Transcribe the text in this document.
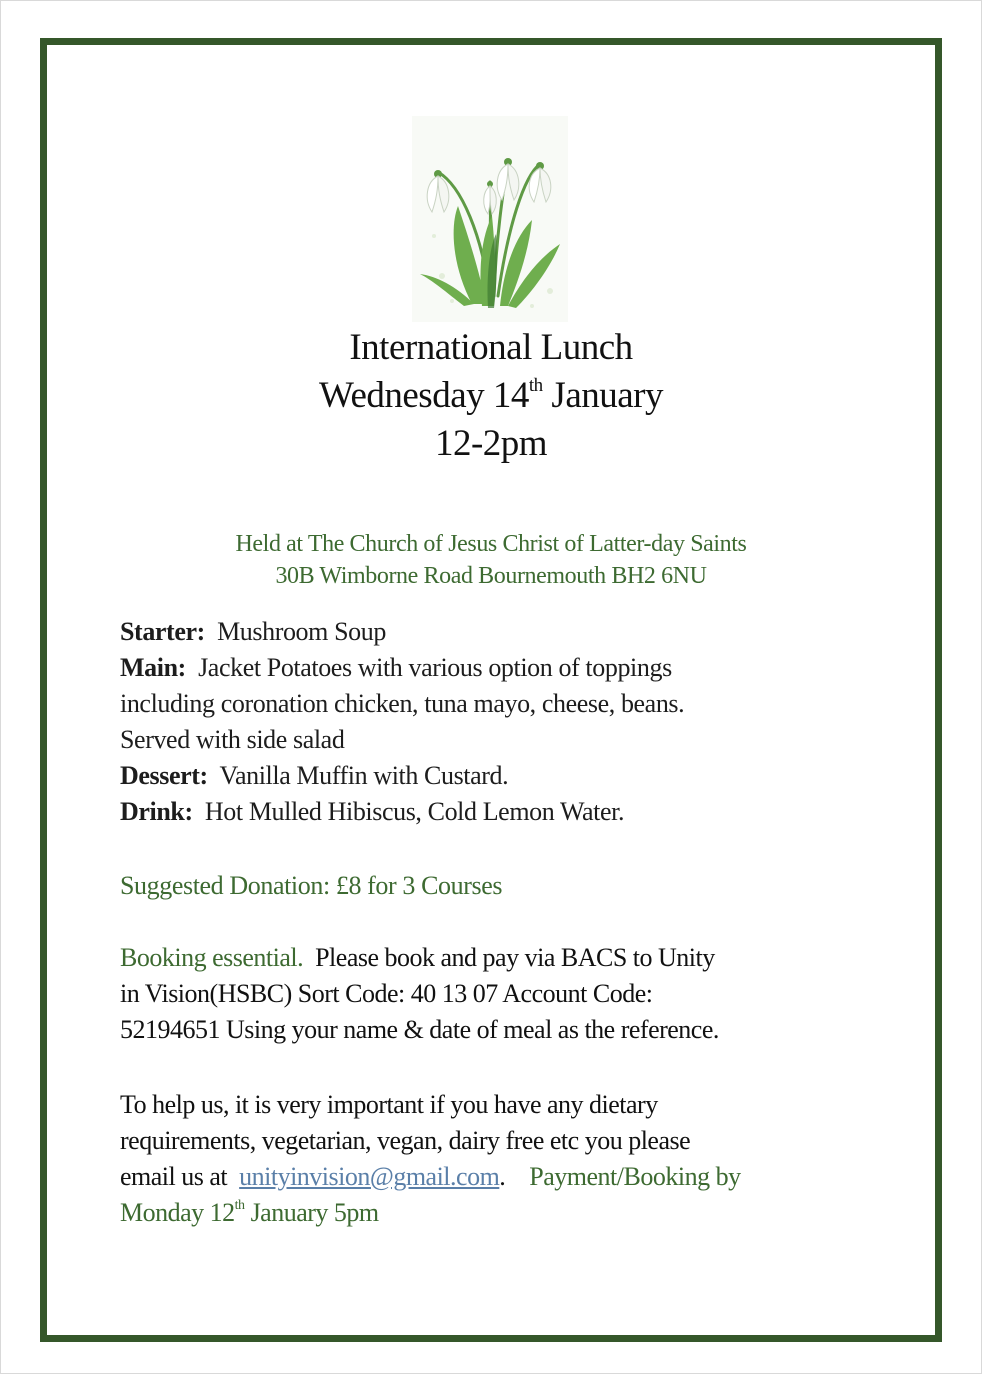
International Lunch
Wednesday 14th January
12-2pm
Held at The Church of Jesus Christ of Latter-day Saints
30B Wimborne Road Bournemouth BH2 6NU
Starter: Mushroom Soup
Main: Jacket Potatoes with various option of toppings
including coronation chicken, tuna mayo, cheese, beans.
Served with side salad
Dessert: Vanilla Muffin with Custard.
Drink: Hot Mulled Hibiscus, Cold Lemon Water.
Suggested Donation: £8 for 3 Courses
Booking essential. Please book and pay via BACS to Unity
in Vision(HSBC) Sort Code: 40 13 07 Account Code:
52194651 Using your name & date of meal as the reference.
To help us, it is very important if you have any dietary
requirements, vegetarian, vegan, dairy free etc you please
email us at unityinvision@gmail.com. Payment/Booking by
Monday 12th January 5pm
